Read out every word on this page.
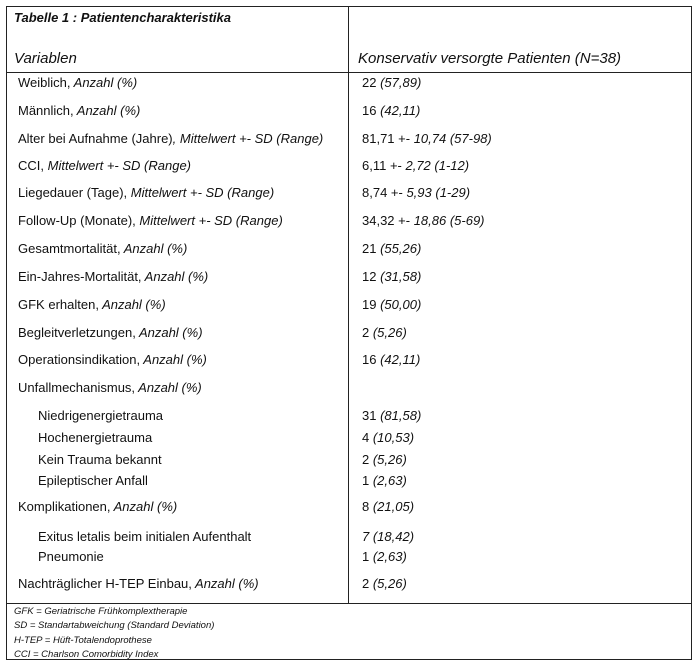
Tabelle 1 : Patientencharakteristika
Variablen	Konservativ versorgte Patienten (N=38)
Weiblich, Anzahl (%)	22 (57,89)
Männlich, Anzahl (%)	16 (42,11)
Alter bei Aufnahme (Jahre), Mittelwert +- SD (Range)	81,71 +- 10,74 (57-98)
CCI, Mittelwert +- SD (Range)	6,11 +- 2,72 (1-12)
Liegedauer (Tage), Mittelwert +- SD (Range)	8,74 +- 5,93 (1-29)
Follow-Up (Monate), Mittelwert +- SD (Range)	34,32 +- 18,86 (5-69)
Gesamtmortalität, Anzahl (%)	21 (55,26)
Ein-Jahres-Mortalität, Anzahl (%)	12 (31,58)
GFK erhalten, Anzahl (%)	19 (50,00)
Begleitverletzungen, Anzahl (%)	2 (5,26)
Operationsindikation, Anzahl (%)	16 (42,11)
Unfallmechanismus, Anzahl (%)
Niedrigenergietrauma	31 (81,58)
Hochenergietrauma	4 (10,53)
Kein Trauma bekannt	2 (5,26)
Epileptischer Anfall	1 (2,63)
Komplikationen, Anzahl (%)	8 (21,05)
Exitus letalis beim initialen Aufenthalt	7 (18,42)
Pneumonie	1 (2,63)
Nachträglicher H-TEP Einbau, Anzahl (%)	2 (5,26)
GFK = Geriatrische Frühkomplextherapie
SD = Standartabweichung (Standard Deviation)
H-TEP = Hüft-Totalendoprothese
CCI = Charlson Comorbidity Index
